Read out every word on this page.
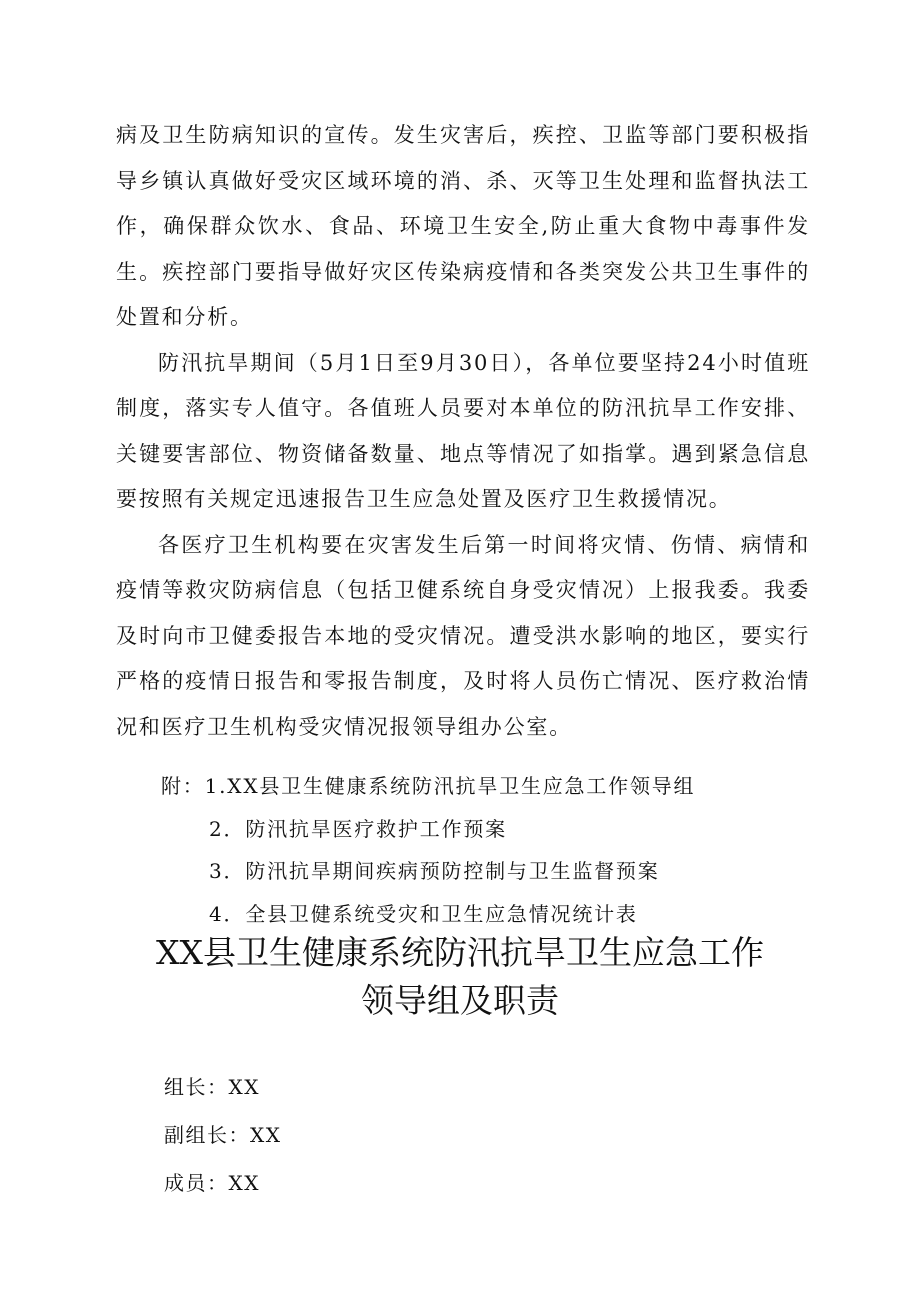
病及卫生防病知识的宣传。发生灾害后，疾控、卫监等部门要积极指导乡镇认真做好受灾区域环境的消、杀、灭等卫生处理和监督执法工作，确保群众饮水、食品、环境卫生安全,防止重大食物中毒事件发生。疾控部门要指导做好灾区传染病疫情和各类突发公共卫生事件的处置和分析。

防汛抗旱期间（5月1日至9月30日），各单位要坚持24小时值班制度，落实专人值守。各值班人员要对本单位的防汛抗旱工作安排、关键要害部位、物资储备数量、地点等情况了如指掌。遇到紧急信息要按照有关规定迅速报告卫生应急处置及医疗卫生救援情况。

各医疗卫生机构要在灾害发生后第一时间将灾情、伤情、病情和疫情等救灾防病信息（包括卫健系统自身受灾情况）上报我委。我委及时向市卫健委报告本地的受灾情况。遭受洪水影响的地区，要实行严格的疫情日报告和零报告制度，及时将人员伤亡情况、医疗救治情况和医疗卫生机构受灾情况报领导组办公室。

附：1.XX县卫生健康系统防汛抗旱卫生应急工作领导组
2．防汛抗旱医疗救护工作预案
3．防汛抗旱期间疾病预防控制与卫生监督预案
4．全县卫健系统受灾和卫生应急情况统计表
XX县卫生健康系统防汛抗旱卫生应急工作
领导组及职责
组长：XX
副组长：XX
成员：XX
